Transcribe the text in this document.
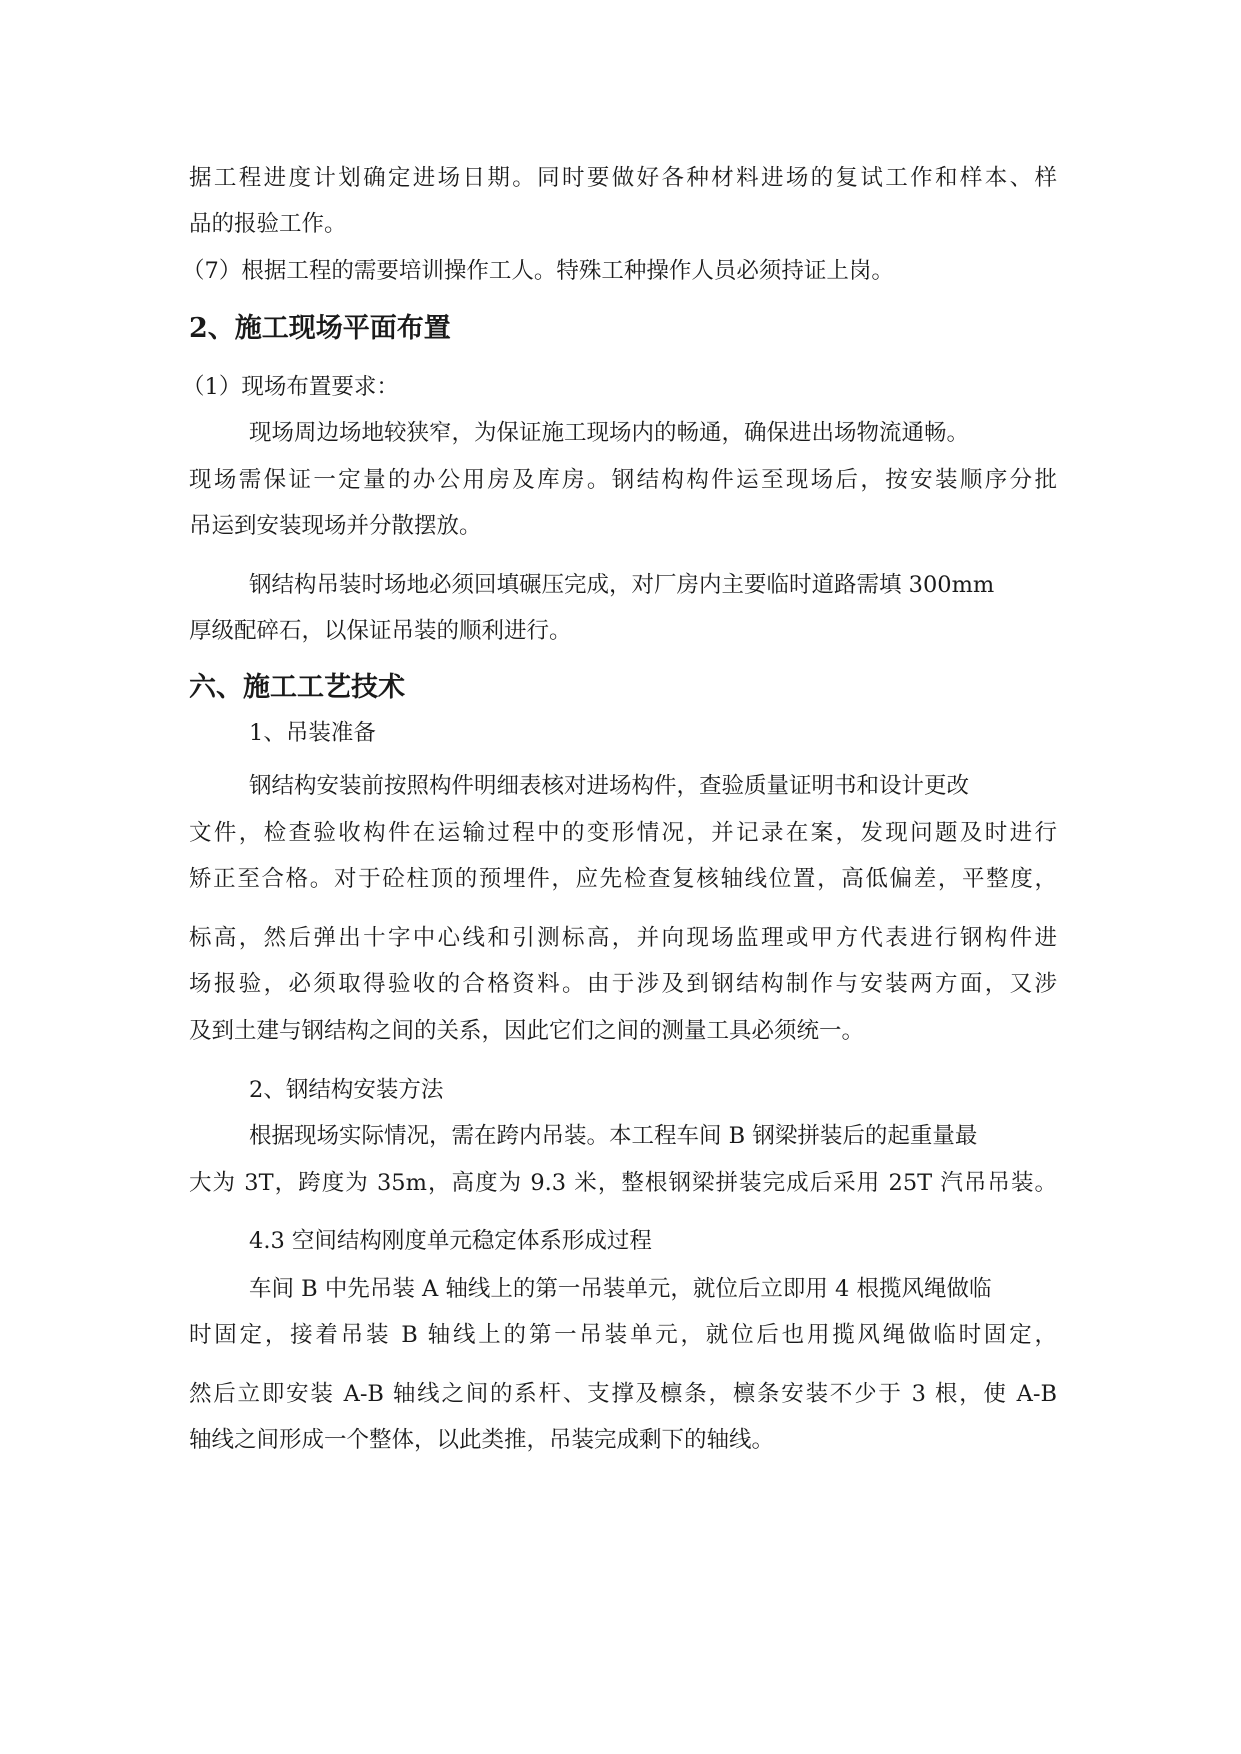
据工程进度计划确定进场日期。同时要做好各种材料进场的复试工作和样本、样
品的报验工作。
（7）根据工程的需要培训操作工人。特殊工种操作人员必须持证上岗。
2、施工现场平面布置
（1）现场布置要求：
现场周边场地较狭窄，为保证施工现场内的畅通，确保进出场物流通畅。
现场需保证一定量的办公用房及库房。钢结构构件运至现场后，按安装顺序分批
吊运到安装现场并分散摆放。
钢结构吊装时场地必须回填碾压完成，对厂房内主要临时道路需填 300mm
厚级配碎石，以保证吊装的顺利进行。
六、施工工艺技术
1、吊装准备
钢结构安装前按照构件明细表核对进场构件，查验质量证明书和设计更改
文件，检查验收构件在运输过程中的变形情况，并记录在案，发现问题及时进行
矫正至合格。对于砼柱顶的预埋件，应先检查复核轴线位置，高低偏差，平整度，
标高，然后弹出十字中心线和引测标高，并向现场监理或甲方代表进行钢构件进
场报验，必须取得验收的合格资料。由于涉及到钢结构制作与安装两方面，又涉
及到土建与钢结构之间的关系，因此它们之间的测量工具必须统一。
2、钢结构安装方法
根据现场实际情况，需在跨内吊装。本工程车间 B 钢梁拼装后的起重量最
大为 3T，跨度为 35m，高度为 9.3 米，整根钢梁拼装完成后采用 25T 汽吊吊装。
4.3 空间结构刚度单元稳定体系形成过程
车间 B 中先吊装 A 轴线上的第一吊装单元，就位后立即用 4 根揽风绳做临
时固定，接着吊装 B 轴线上的第一吊装单元，就位后也用揽风绳做临时固定，
然后立即安装 A-B 轴线之间的系杆、支撑及檩条，檩条安装不少于 3 根，使 A-B
轴线之间形成一个整体，以此类推，吊装完成剩下的轴线。
